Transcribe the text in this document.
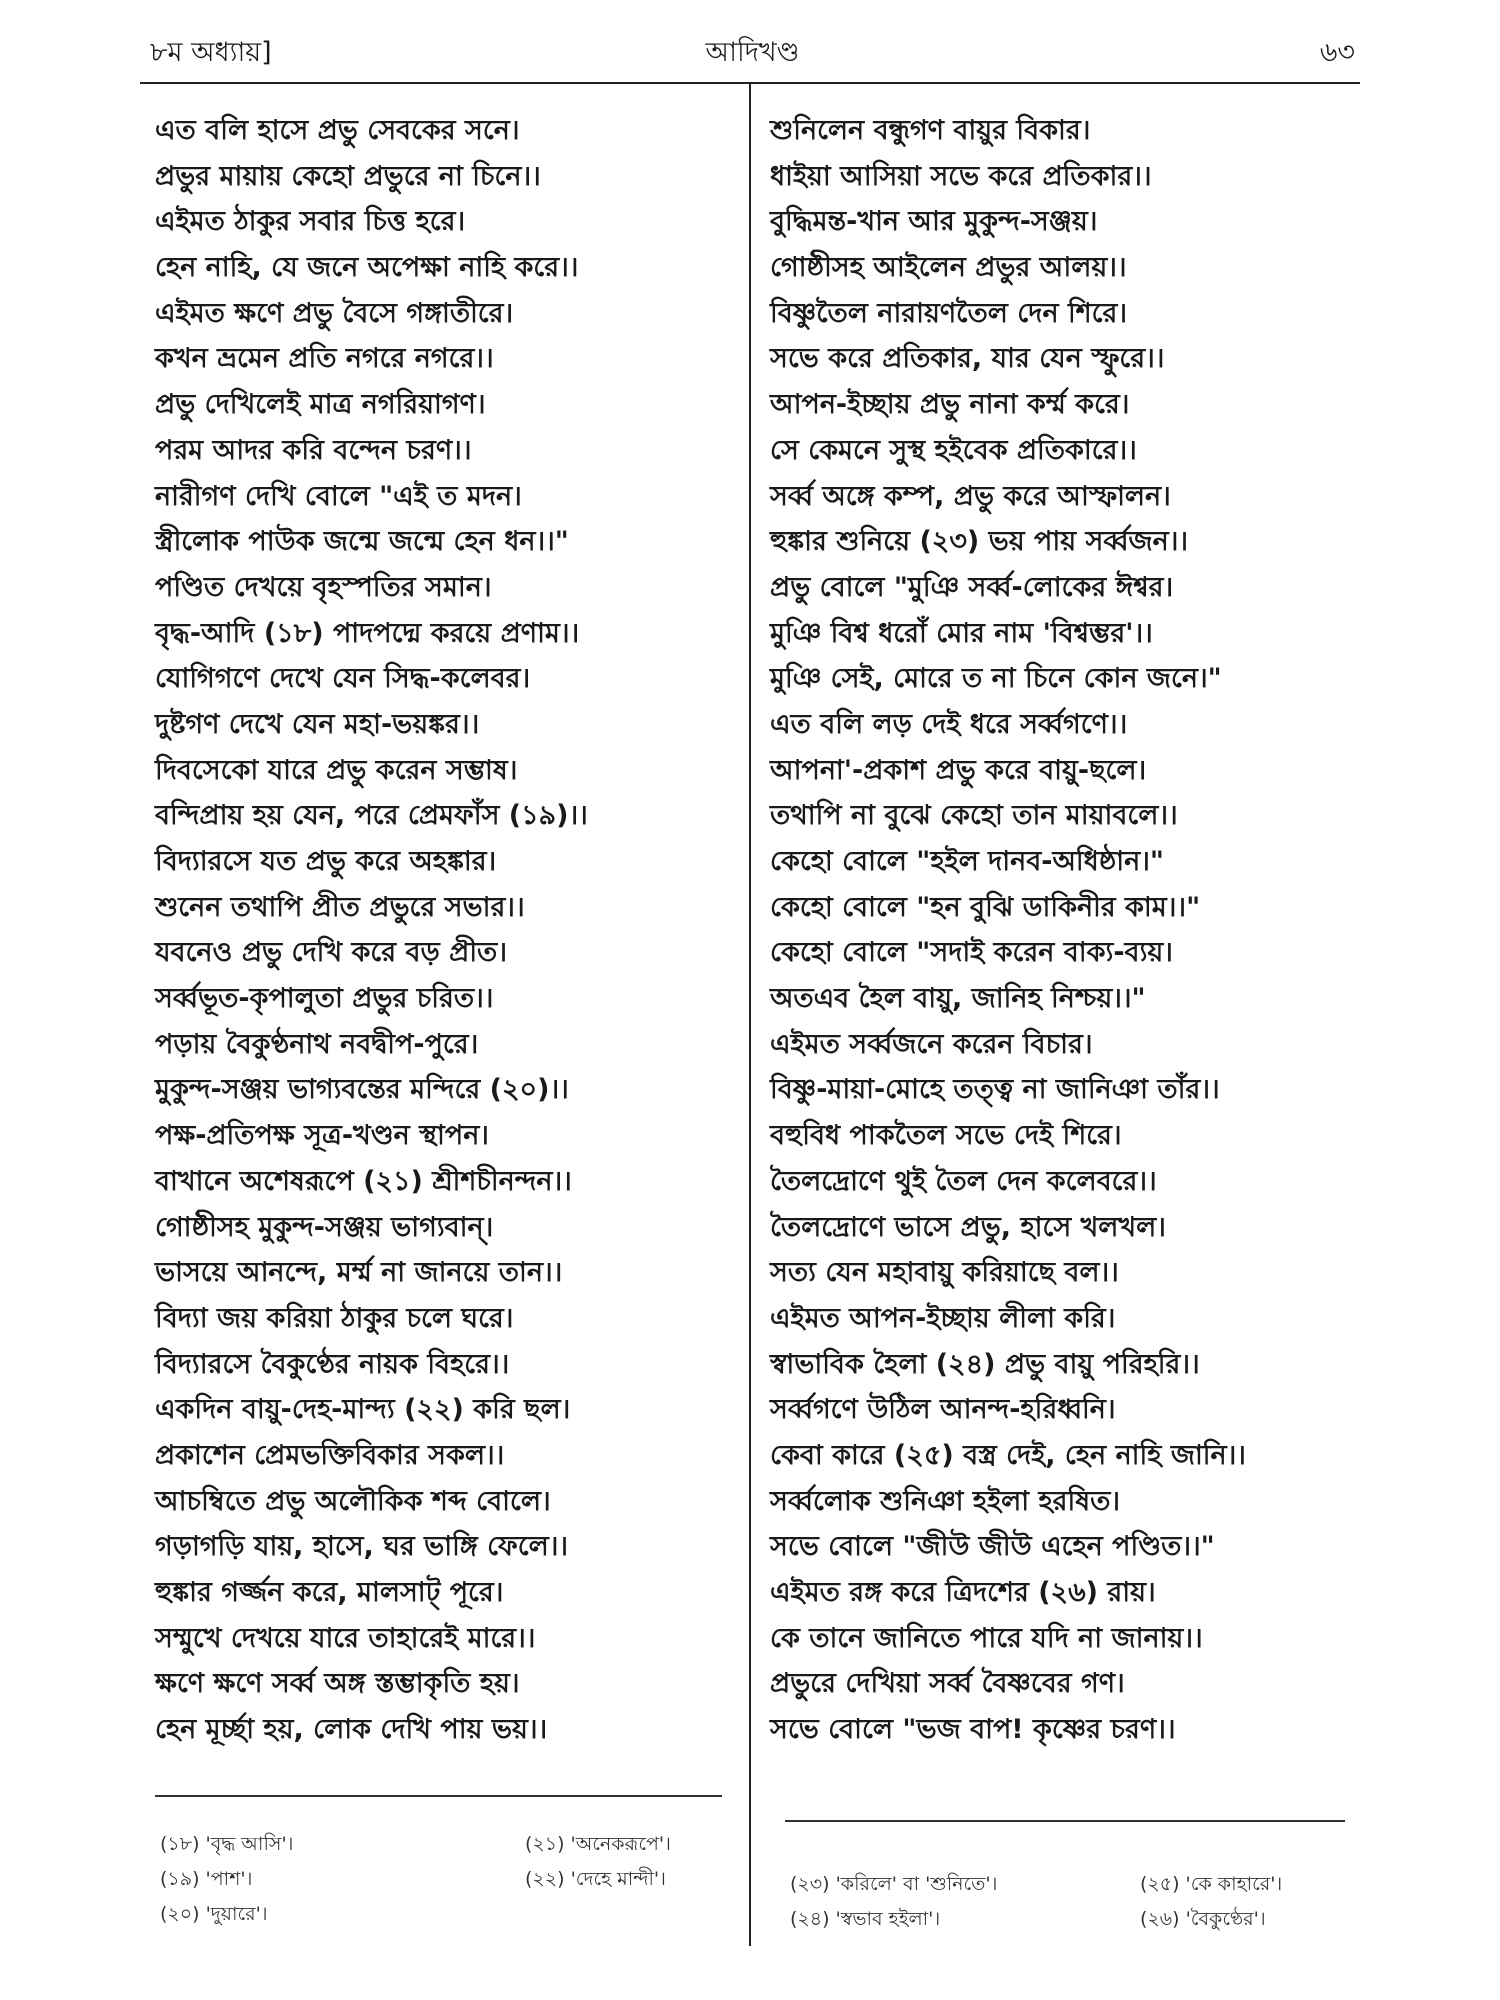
৮ম অধ্যায়]	আদিখণ্ড	৬৩
এত বলি হাসে প্রভু সেবকের সনে।
প্রভুর মায়ায় কেহো প্রভুরে না চিনে।।
এইমত ঠাকুর সবার চিত্ত হরে।
হেন নাহি, যে জনে অপেক্ষা নাহি করে।।
এইমত ক্ষণে প্রভু বৈসে গঙ্গাতীরে।
কখন ভ্রমেন প্রতি নগরে নগরে।।
প্রভু দেখিলেই মাত্র নগরিয়াগণ।
পরম আদর করি বন্দেন চরণ।।
নারীগণ দেখি বোলে "এই ত মদন।
স্ত্রীলোক পাউক জন্মে জন্মে হেন ধন।।"
পণ্ডিত দেখয়ে বৃহস্পতির সমান।
বৃদ্ধ-আদি (১৮) পাদপদ্মে করয়ে প্রণাম।।
যোগিগণে দেখে যেন সিদ্ধ-কলেবর।
দুষ্টগণ দেখে যেন মহা-ভয়ঙ্কর।।
দিবসেকো যারে প্রভু করেন সম্ভাষ।
বন্দিপ্রায় হয় যেন, পরে প্রেমফাঁস (১৯)।।
বিদ্যারসে যত প্রভু করে অহঙ্কার।
শুনেন তথাপি প্রীত প্রভুরে সভার।।
যবনেও প্রভু দেখি করে বড় প্রীত।
সর্ব্বভূত-কৃপালুতা প্রভুর চরিত।।
পড়ায় বৈকুণ্ঠনাথ নবদ্বীপ-পুরে।
মুকুন্দ-সঞ্জয় ভাগ্যবন্তের মন্দিরে (২০)।।
পক্ষ-প্রতিপক্ষ সূত্র-খণ্ডন স্থাপন।
বাখানে অশেষরূপে (২১) শ্রীশচীনন্দন।।
গোষ্ঠীসহ মুকুন্দ-সঞ্জয় ভাগ্যবান্।
ভাসয়ে আনন্দে, মর্ম্ম না জানয়ে তান।।
বিদ্যা জয় করিয়া ঠাকুর চলে ঘরে।
বিদ্যারসে বৈকুণ্ঠের নায়ক বিহরে।।
একদিন বায়ু-দেহ-মান্দ্য (২২) করি ছল।
প্রকাশেন প্রেমভক্তিবিকার সকল।।
আচম্বিতে প্রভু অলৌকিক শব্দ বোলে।
গড়াগড়ি যায়, হাসে, ঘর ভাঙ্গি ফেলে।।
হুঙ্কার গর্জ্জন করে, মালসাট্ পূরে।
সম্মুখে দেখয়ে যারে তাহারেই মারে।।
ক্ষণে ক্ষণে সর্ব্ব অঙ্গ স্তম্ভাকৃতি হয়।
হেন মূর্চ্ছা হয়, লোক দেখি পায় ভয়।।
শুনিলেন বন্ধুগণ বায়ুর বিকার।
ধাইয়া আসিয়া সভে করে প্রতিকার।।
বুদ্ধিমন্ত-খান আর মুকুন্দ-সঞ্জয়।
গোষ্ঠীসহ আইলেন প্রভুর আলয়।।
বিষ্ণুতৈল নারায়ণতৈল দেন শিরে।
সভে করে প্রতিকার, যার যেন স্ফুরে।।
আপন-ইচ্ছায় প্রভু নানা কর্ম্ম করে।
সে কেমনে সুস্থ হইবেক প্রতিকারে।।
সর্ব্ব অঙ্গে কম্প, প্রভু করে আস্ফালন।
হুঙ্কার শুনিয়ে (২৩) ভয় পায় সর্ব্বজন।।
প্রভু বোলে "মুঞি সর্ব্ব-লোকের ঈশ্বর।
মুঞি বিশ্ব ধরোঁ মোর নাম 'বিশ্বম্ভর'।।
মুঞি সেই, মোরে ত না চিনে কোন জনে।"
এত বলি লড় দেই ধরে সর্ব্বগণে।।
আপনা'-প্রকাশ প্রভু করে বায়ু-ছলে।
তথাপি না বুঝে কেহো তান মায়াবলে।।
কেহো বোলে "হইল দানব-অধিষ্ঠান।"
কেহো বোলে "হন বুঝি ডাকিনীর কাম।।"
কেহো বোলে "সদাই করেন বাক্য-ব্যয়।
অতএব হৈল বায়ু, জানিহ নিশ্চয়।।"
এইমত সর্ব্বজনে করেন বিচার।
বিষ্ণু-মায়া-মোহে তত্ত্ব না জানিঞা তাঁর।।
বহুবিধ পাকতৈল সভে দেই শিরে।
তৈলদ্রোণে থুই তৈল দেন কলেবরে।।
তৈলদ্রোণে ভাসে প্রভু, হাসে খলখল।
সত্য যেন মহাবায়ু করিয়াছে বল।।
এইমত আপন-ইচ্ছায় লীলা করি।
স্বাভাবিক হৈলা (২৪) প্রভু বায়ু পরিহরি।।
সর্ব্বগণে উঠিল আনন্দ-হরিধ্বনি।
কেবা কারে (২৫) বস্ত্র দেই, হেন নাহি জানি।।
সর্ব্বলোক শুনিঞা হইলা হরষিত।
সভে বোলে "জীউ জীউ এহেন পণ্ডিত।।"
এইমত রঙ্গ করে ত্রিদশের (২৬) রায়।
কে তানে জানিতে পারে যদি না জানায়।।
প্রভুরে দেখিয়া সর্ব্ব বৈষ্ণবের গণ।
সভে বোলে "ভজ বাপ! কৃষ্ণের চরণ।।
(১৮) 'বৃদ্ধ আসি'।
(১৯) 'পাশ'।
(২০) 'দুয়ারে'।
(২১) 'অনেকরূপে'।
(২২) 'দেহে মান্দী'।	(২৩) 'করিলে' বা 'শুনিতে'।
(২৪) 'স্বভাব হইলা'।
(২৫) 'কে কাহারে'।
(২৬) 'বৈকুণ্ঠের'।
